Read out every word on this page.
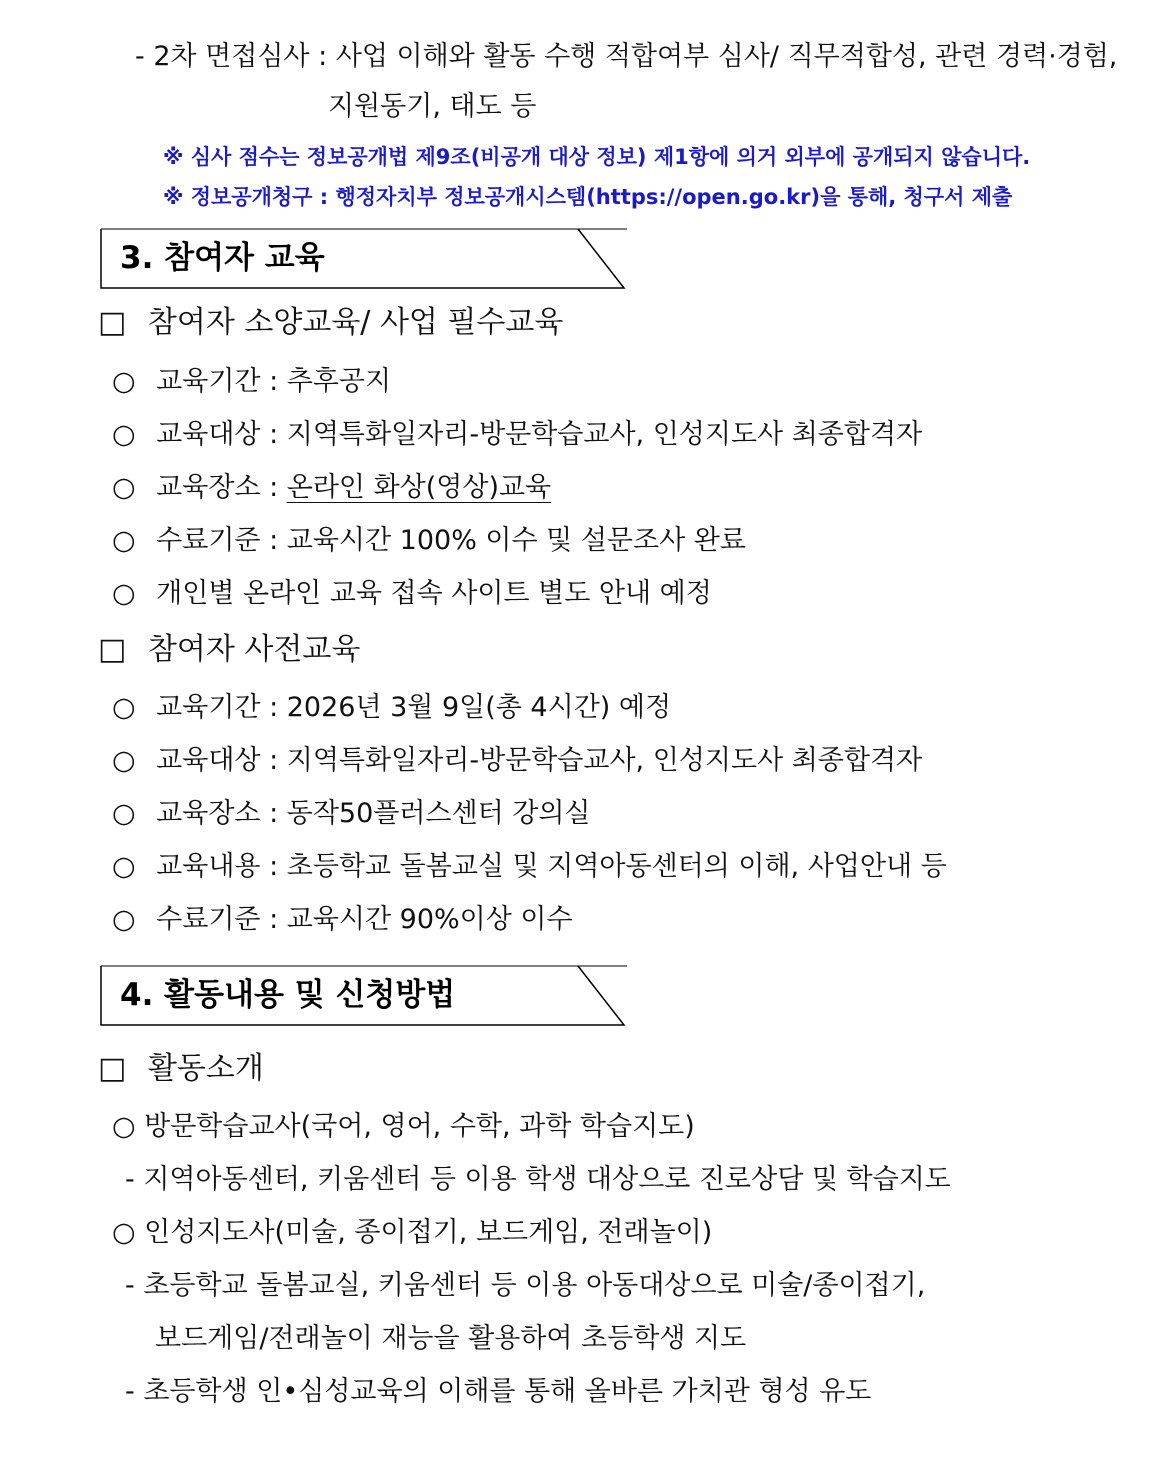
- 2차 면접심사 : 사업 이해와 활동 수행 적합여부 심사/ 직무적합성, 관련 경력·경험,
지원동기, 태도 등
※ 심사 점수는 정보공개법 제9조(비공개 대상 정보) 제1항에 의거 외부에 공개되지 않습니다.
※ 정보공개청구 : 행정자치부 정보공개시스템(https://open.go.kr)을 통해, 청구서 제출
3. 참여자 교육
□ 참여자 소양교육/ 사업 필수교육
○ 교육기간 : 추후공지
○ 교육대상 : 지역특화일자리-방문학습교사, 인성지도사 최종합격자
○ 교육장소 : 온라인 화상(영상)교육
○ 수료기준 : 교육시간 100% 이수 및 설문조사 완료
○ 개인별 온라인 교육 접속 사이트 별도 안내 예정
□ 참여자 사전교육
○ 교육기간 : 2026년 3월 9일(총 4시간) 예정
○ 교육대상 : 지역특화일자리-방문학습교사, 인성지도사 최종합격자
○ 교육장소 : 동작50플러스센터 강의실
○ 교육내용 : 초등학교 돌봄교실 및 지역아동센터의 이해, 사업안내 등
○ 수료기준 : 교육시간 90%이상 이수
4. 활동내용 및 신청방법
□ 활동소개
○ 방문학습교사(국어, 영어, 수학, 과학 학습지도)
- 지역아동센터, 키움센터 등 이용 학생 대상으로 진로상담 및 학습지도
○ 인성지도사(미술, 종이접기, 보드게임, 전래놀이)
- 초등학교 돌봄교실, 키움센터 등 이용 아동대상으로 미술/종이접기,
보드게임/전래놀이 재능을 활용하여 초등학생 지도
- 초등학생 인•심성교육의 이해를 통해 올바른 가치관 형성 유도
